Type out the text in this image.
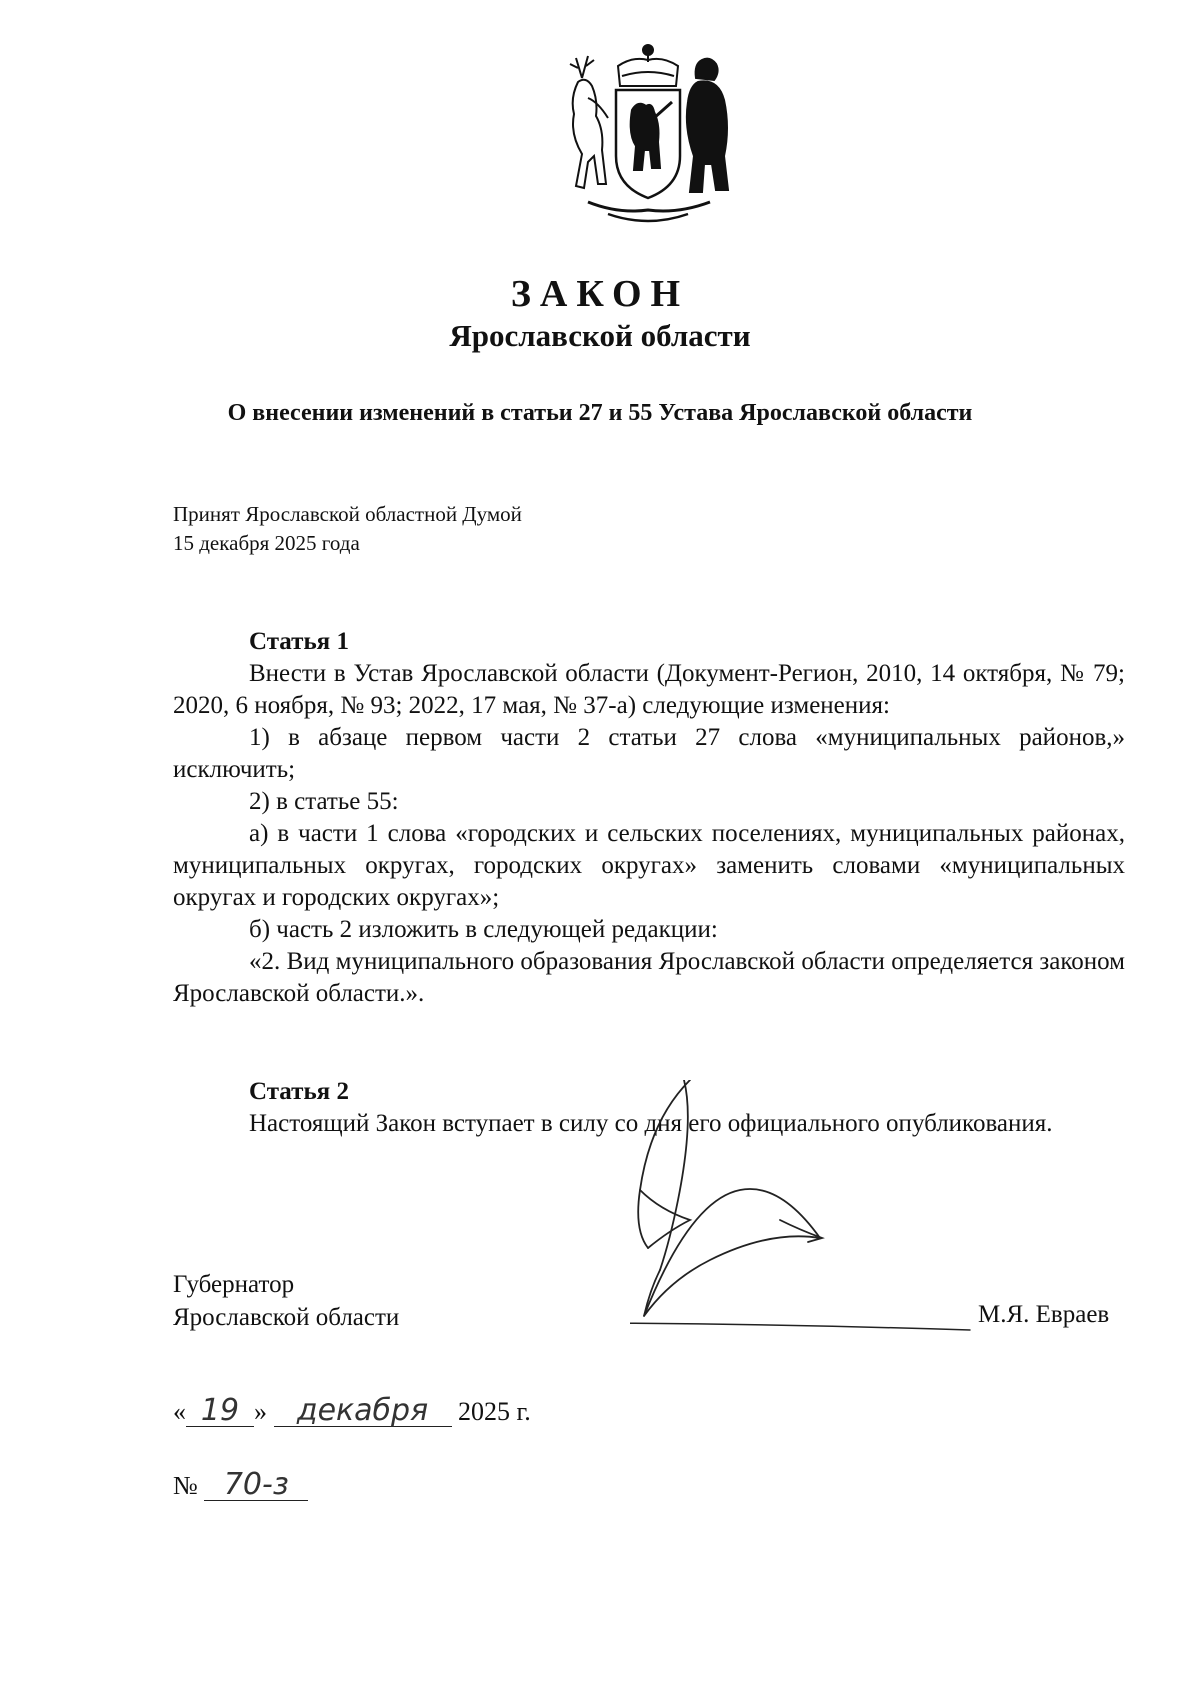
ЗАКОН
Ярославской области
О внесении изменений в статьи 27 и 55 Устава Ярославской области
Принят Ярославской областной Думой
15 декабря 2025 года
Статья 1

Внести в Устав Ярославской области (Документ-Регион, 2010, 14 октября, № 79; 2020, 6 ноября, № 93; 2022, 17 мая, № 37-а) следующие изменения:

1) в абзаце первом части 2 статьи 27 слова «муниципальных районов,» исключить;

2) в статье 55:

а) в части 1 слова «городских и сельских поселениях, муниципальных районах, муниципальных округах, городских округах» заменить словами «муниципальных округах и городских округах»;

б) часть 2 изложить в следующей редакции:

«2. Вид муниципального образования Ярославской области определяется законом Ярославской области.».

Статья 2

Настоящий Закон вступает в силу со дня его официального опубликования.

Губернатор
Ярославской области	М.Я. Евраев
« 19 » декабря 2025 г.
№ 70-з
